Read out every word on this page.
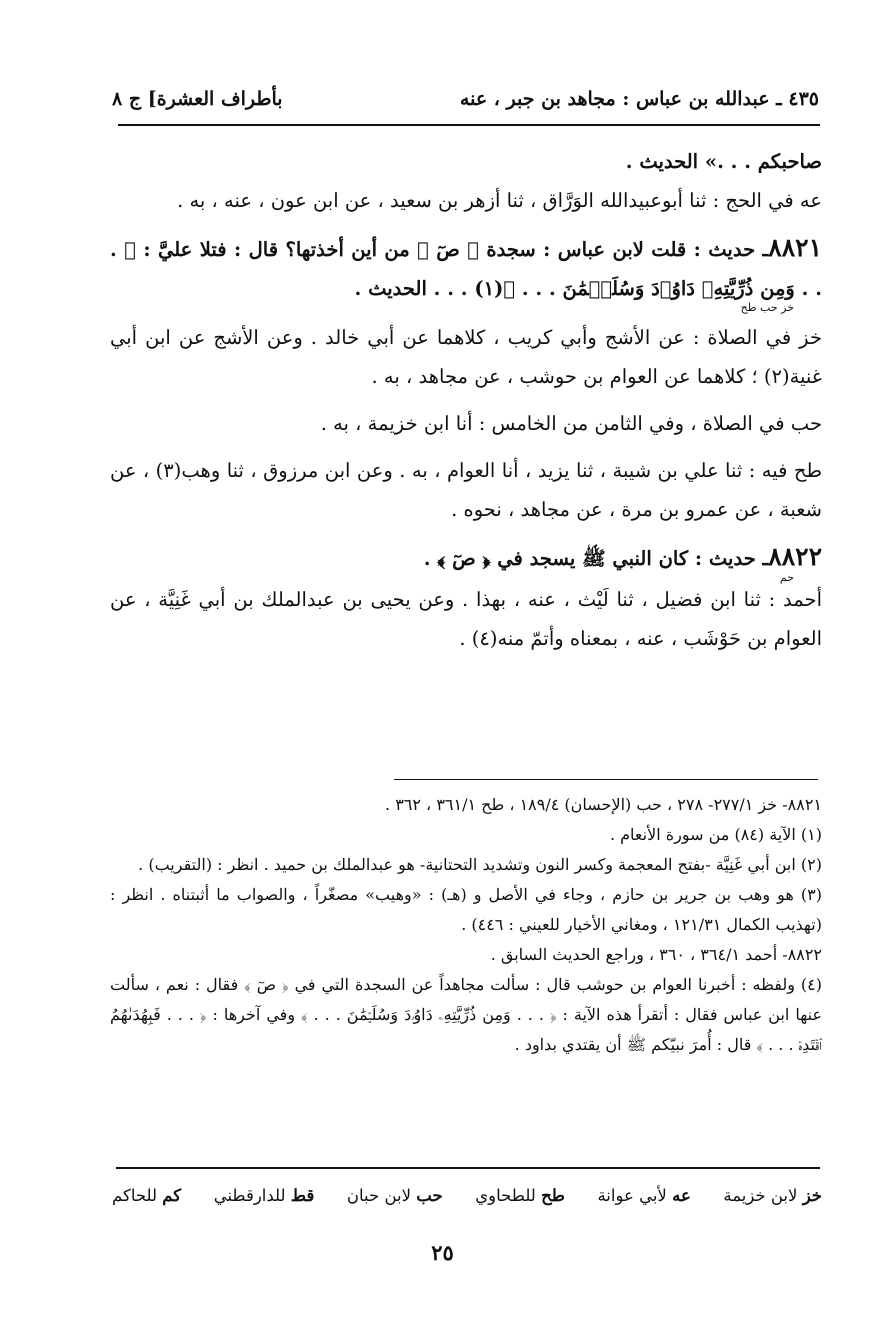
٤٣٥ ـ عبدالله بن عباس : مجاهد بن جبر ، عنه
بأطراف العشرة] ج ٨

صاحبكم . . .» الحديث .

عه في الحج : ثنا أبوعبيدالله الوَرَّاق ، ثنا أزهر بن سعيد ، عن ابن عون ، عنه ، به .

٨٨٢١ـ حديث : قلت لابن عباس : سجدة ﴿ صٓ ﴾ من أين أخذتها؟ قال : فتلا عليَّ : ﴿ . . . وَمِن ذُرِّيَّتِهِۦ دَاوُۥدَ وَسُلَيۡمَٰنَ . . . ﴾(١) . . . الحديث .

خز حب طح

خز في الصلاة : عن الأشج وأبي كريب ، كلاهما عن أبي خالد . وعن الأشج عن ابن أبي غنية(٢) ؛ كلاهما عن العوام بن حوشب ، عن مجاهد ، به .

حب في الصلاة ، وفي الثامن من الخامس : أنا ابن خزيمة ، به .

طح فيه : ثنا علي بن شيبة ، ثنا يزيد ، أنا العوام ، به . وعن ابن مرزوق ، ثنا وهب(٣) ، عن شعبة ، عن عمرو بن مرة ، عن مجاهد ، نحوه .

٨٨٢٢ـ حديث : كان النبي ﷺ يسجد في ﴿ صٓ ﴾ .

حم

أحمد : ثنا ابن فضيل ، ثنا لَيْث ، عنه ، بهذا . وعن يحيى بن عبدالملك بن أبي غَنِيَّة ، عن العوام بن حَوْشَب ، عنه ، بمعناه وأتمّ منه(٤) .

٨٨٢١- خز ٢٧٧/١- ٢٧٨ ، حب (الإحسان) ١٨٩/٤ ، طح ٣٦١/١ ، ٣٦٢ .

(١) الآية (٨٤) من سورة الأنعام .

(٢) ابن أبي غَنِيَّة -بفتح المعجمة وكسر النون وتشديد التحتانية- هو عبدالملك بن حميد . انظر : (التقريب) .

(٣) هو وهب بن جرير بن حازم ، وجاء في الأصل و (هـ) : «وهيب» مصغّراً ، والصواب ما أثبتناه . انظر : (تهذيب الكمال ١٢١/٣١ ، ومغاني الأخيار للعيني : ٤٤٦) .

٨٨٢٢- أحمد ٣٦٤/١ ، ٣٦٠ ، وراجع الحديث السابق .

(٤) ولفظه : أخبرنا العوام بن حوشب قال : سألت مجاهداً عن السجدة التي في ﴿ صٓ ﴾ فقال : نعم ، سألت عنها ابن عباس فقال : أتقرأ هذه الآية : ﴿ . . . وَمِن ذُرِّيَّتِهِۦ دَاوُۥدَ وَسُلَيۡمَٰنَ . . . ﴾ وفي آخرها : ﴿ . . . فَبِهُدَىٰهُمُ ٱقۡتَدِهۡ . . . ﴾ قال : أُمرَ نبيّكم ﷺ أن يقتدي بداود .

خز لابن خزيمة
عه لأبي عوانة
طح للطحاوي
حب لابن حبان
قط للدارقطني
كم للحاكم
٢٥
